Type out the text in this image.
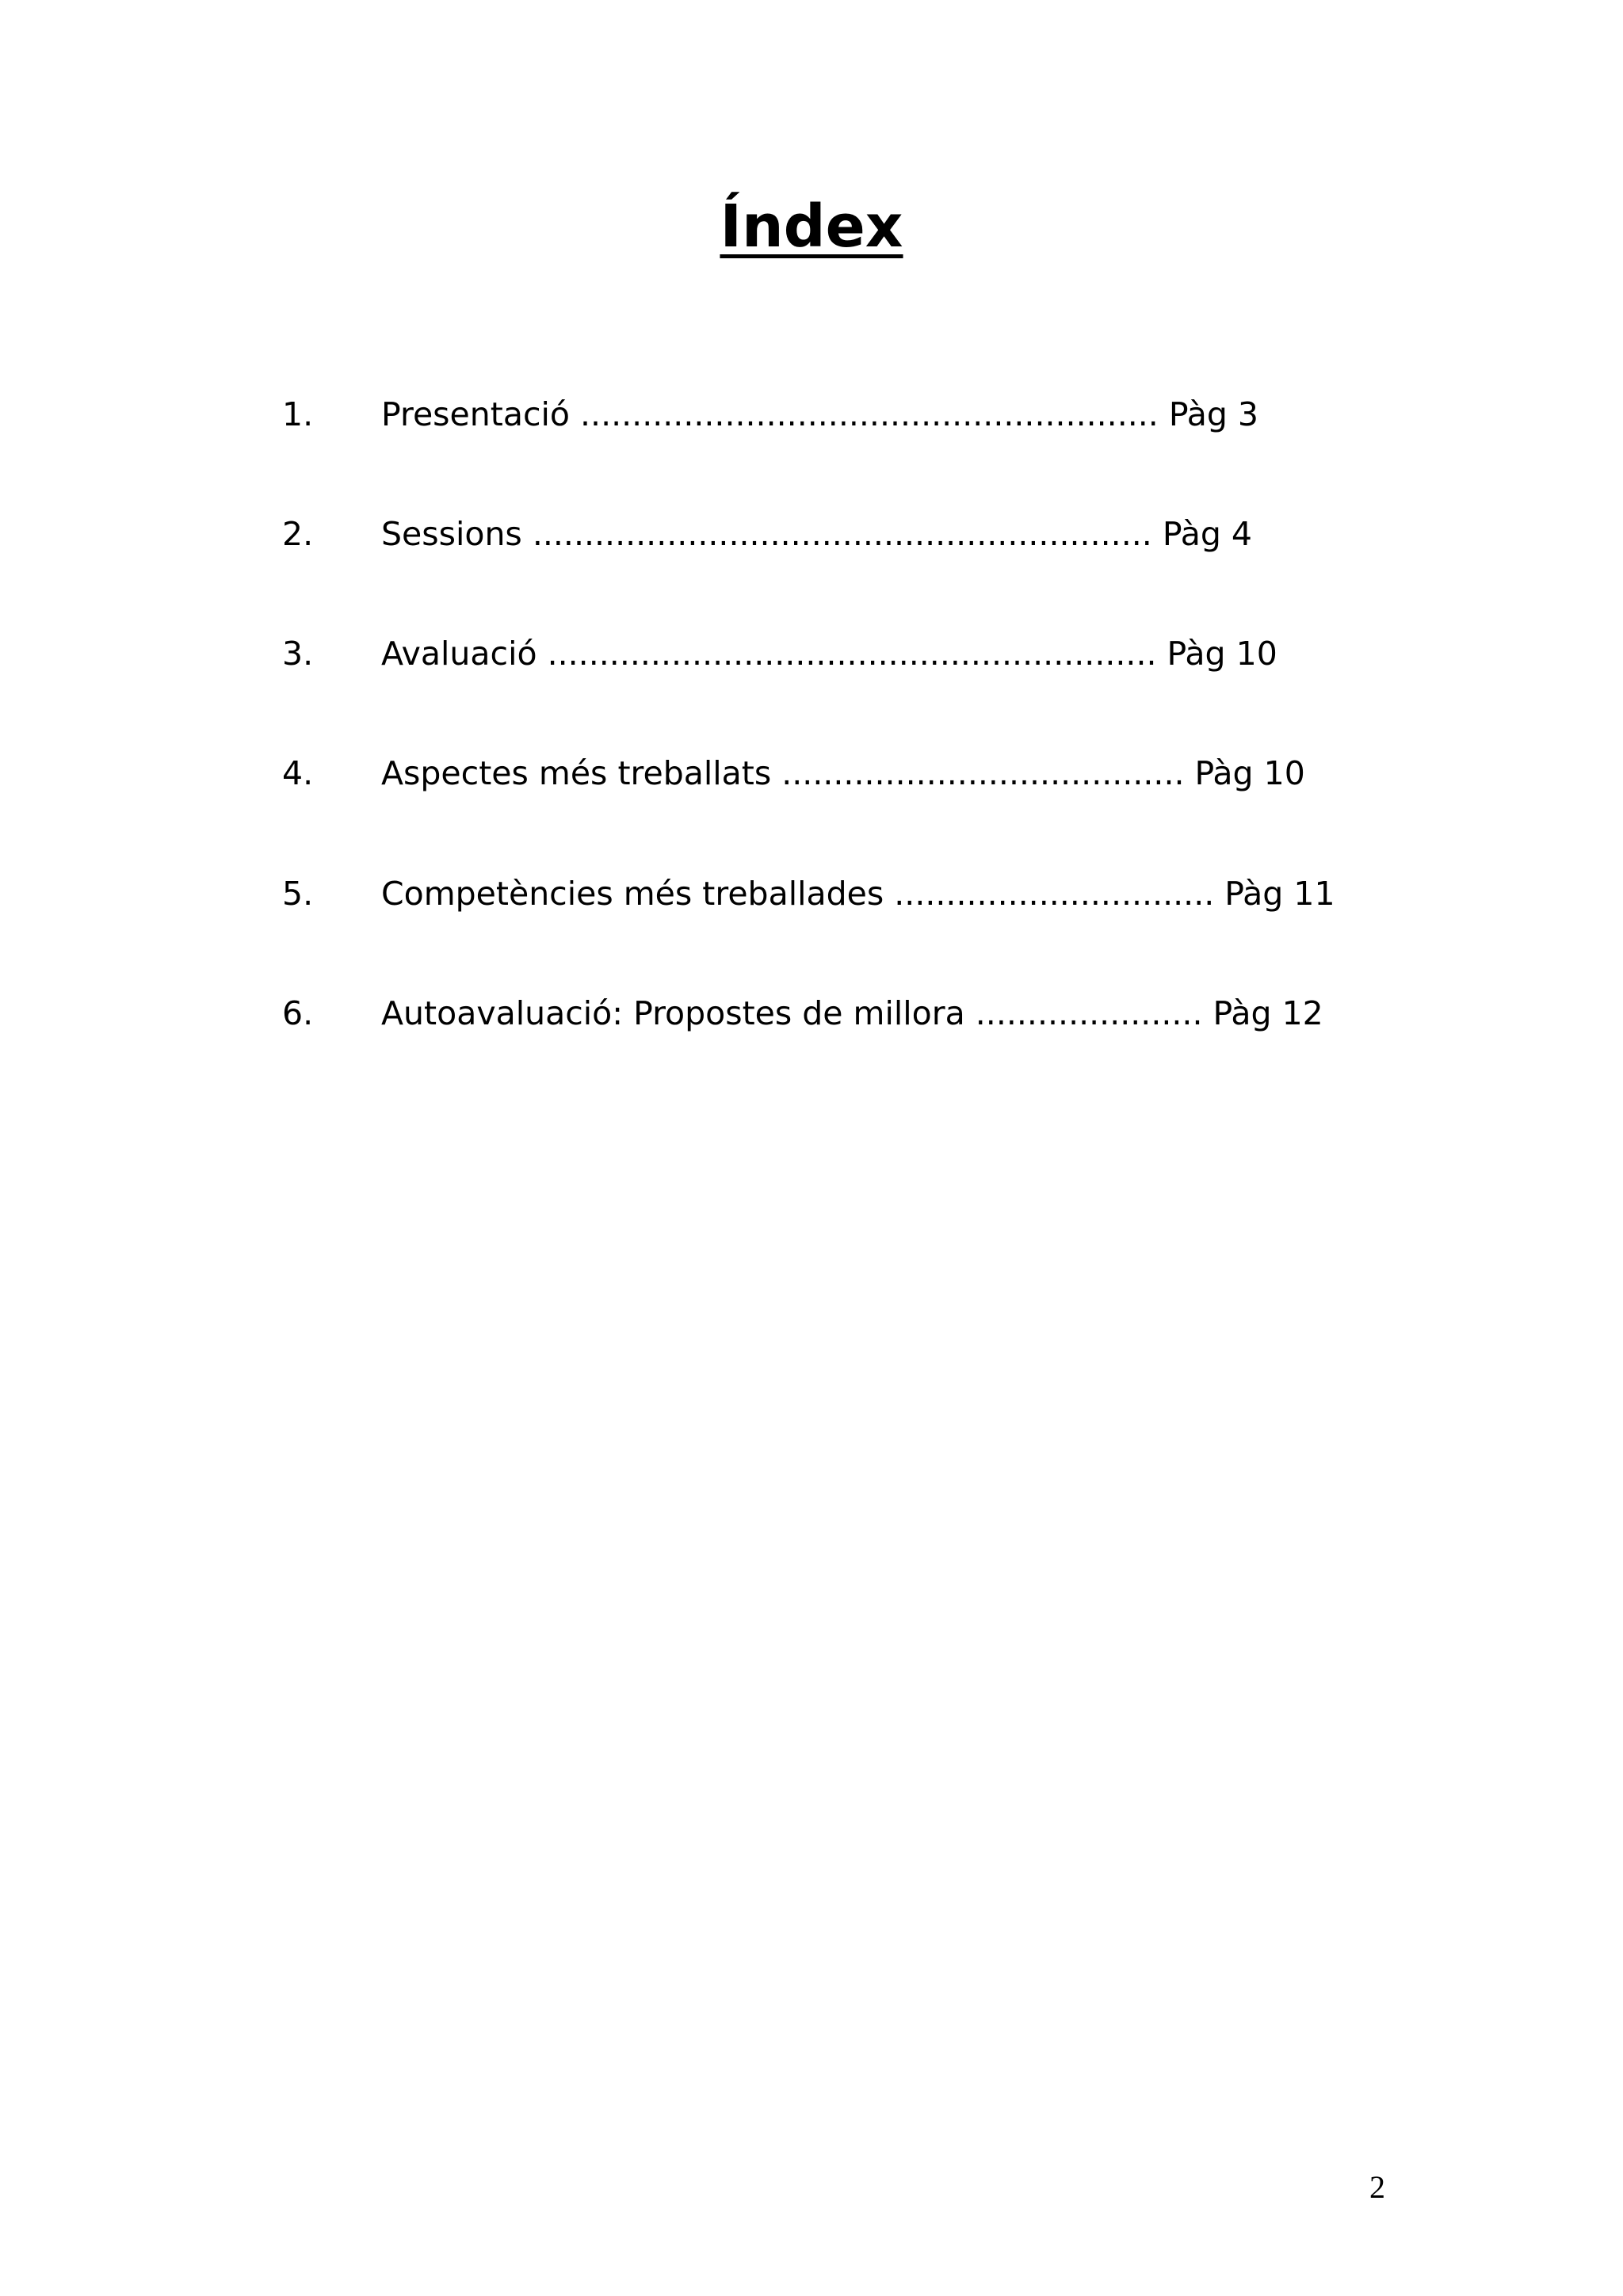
Índex
1. Presentació ........................................................ Pàg 3
2. Sessions ............................................................ Pàg 4
3. Avaluació ........................................................... Pàg 10
4. Aspectes més treballats ....................................... Pàg 10
5. Competències més treballades ............................... Pàg 11
6. Autoavaluació: Propostes de millora ...................... Pàg 12
2
